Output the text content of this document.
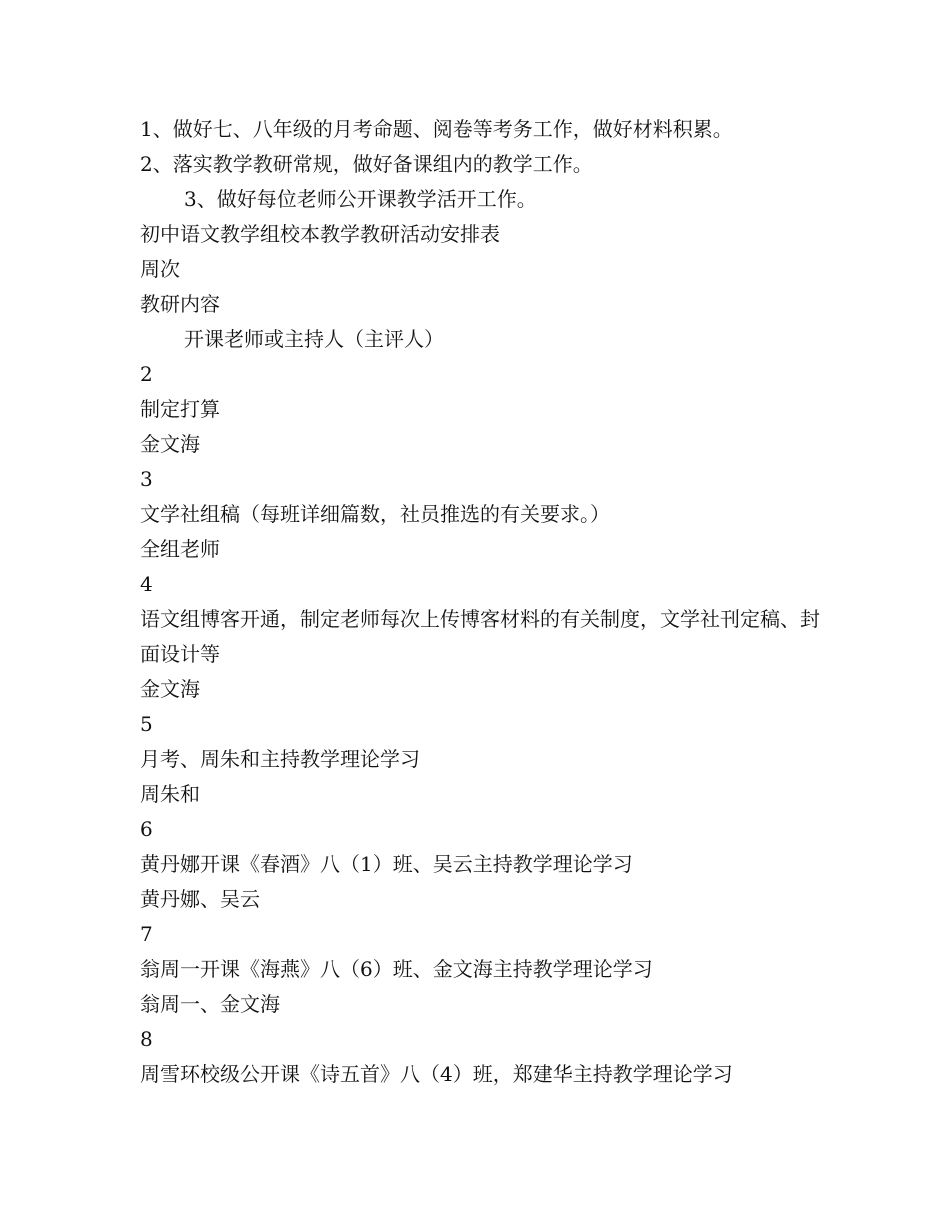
1、做好七、八年级的月考命题、阅卷等考务工作，做好材料积累。

2、落实教学教研常规，做好备课组内的教学工作。

3、做好每位老师公开课教学活开工作。

初中语文教学组校本教学教研活动安排表

周次

教研内容

开课老师或主持人（主评人）

2

制定打算

金文海

3

文学社组稿（每班详细篇数，社员推选的有关要求。）

全组老师

4

语文组博客开通，制定老师每次上传博客材料的有关制度，文学社刊定稿、封面设计等

金文海

5

月考、周朱和主持教学理论学习

周朱和

6

黄丹娜开课《春酒》八（1）班、吴云主持教学理论学习

黄丹娜、吴云

7

翁周一开课《海燕》八（6）班、金文海主持教学理论学习

翁周一、金文海

8

周雪环校级公开课《诗五首》八（4）班，郑建华主持教学理论学习
